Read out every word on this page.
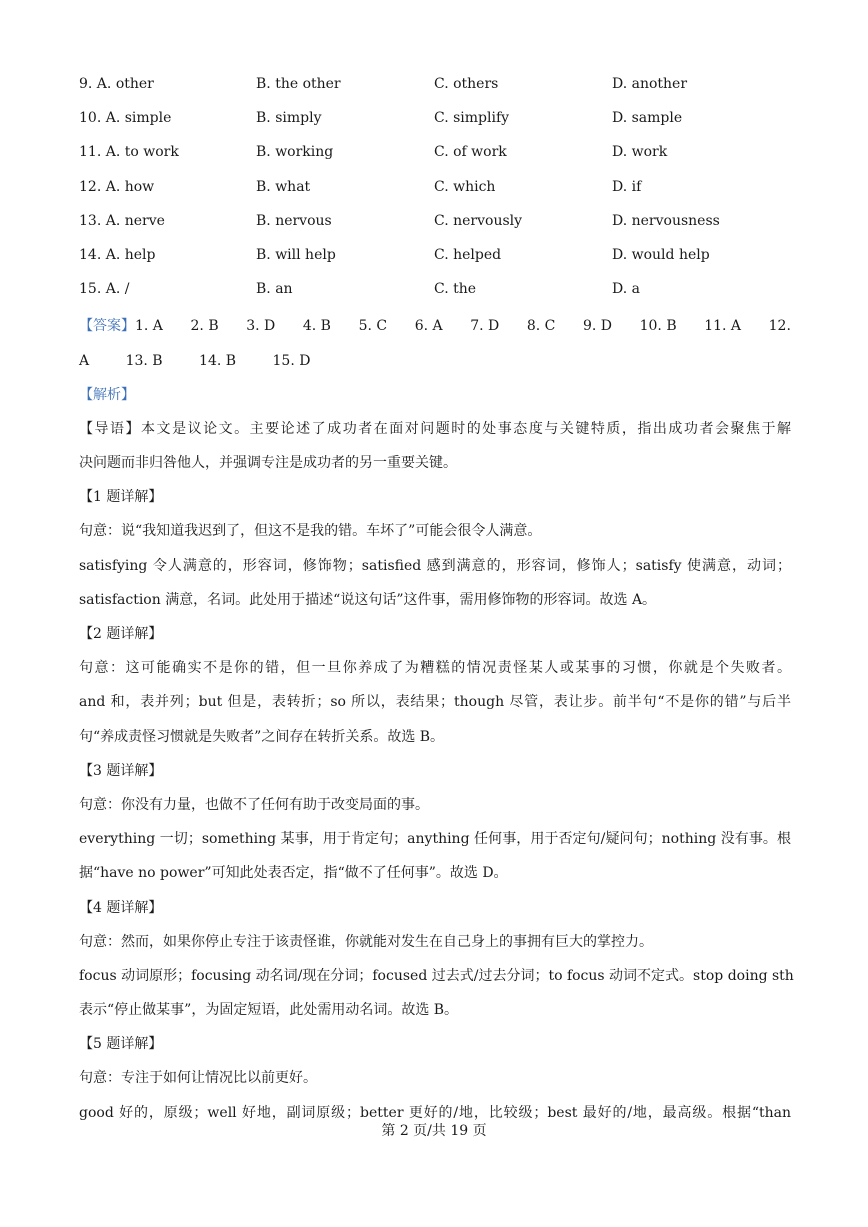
9. A. other	B. the other	C. others	D. another
10. A. simple	B. simply	C. simplify	D. sample
11. A. to work	B. working	C. of work	D. work
12. A. how	B. what	C. which	D. if
13. A. nerve	B. nervous	C. nervously	D. nervousness
14. A. help	B. will help	C. helped	D. would help
15. A. /	B. an	C. the	D. a
【答案】1. A 2. B 3. D 4. B 5. C 6. A 7. D 8. C 9. D 10. B 11. A 12.
A	13. B	14. B	15. D
【解析】
【导语】本文是议论文。主要论述了成功者在面对问题时的处事态度与关键特质，指出成功者会聚焦于解
决问题而非归咎他人，并强调专注是成功者的另一重要关键。
【1 题详解】
句意：说“我知道我迟到了，但这不是我的错。车坏了”可能会很令人满意。
satisfying 令人满意的，形容词，修饰物；satisfied 感到满意的，形容词，修饰人；satisfy 使满意，动词；
satisfaction 满意，名词。此处用于描述“说这句话”这件事，需用修饰物的形容词。故选 A。
【2 题详解】
句意：这可能确实不是你的错，但一旦你养成了为糟糕的情况责怪某人或某事的习惯，你就是个失败者。
and 和，表并列；but 但是，表转折；so 所以，表结果；though 尽管，表让步。前半句“不是你的错”与后半
句“养成责怪习惯就是失败者”之间存在转折关系。故选 B。
【3 题详解】
句意：你没有力量，也做不了任何有助于改变局面的事。
everything 一切；something 某事，用于肯定句；anything 任何事，用于否定句/疑问句；nothing 没有事。根
据“have no power”可知此处表否定，指“做不了任何事”。故选 D。
【4 题详解】
句意：然而，如果你停止专注于该责怪谁，你就能对发生在自己身上的事拥有巨大的掌控力。
focus 动词原形；focusing 动名词/现在分词；focused 过去式/过去分词；to focus 动词不定式。stop doing sth
表示“停止做某事”，为固定短语，此处需用动名词。故选 B。
【5 题详解】
句意：专注于如何让情况比以前更好。
good 好的，原级；well 好地，副词原级；better 更好的/地，比较级；best 最好的/地，最高级。根据“than
第 2 页/共 19 页
